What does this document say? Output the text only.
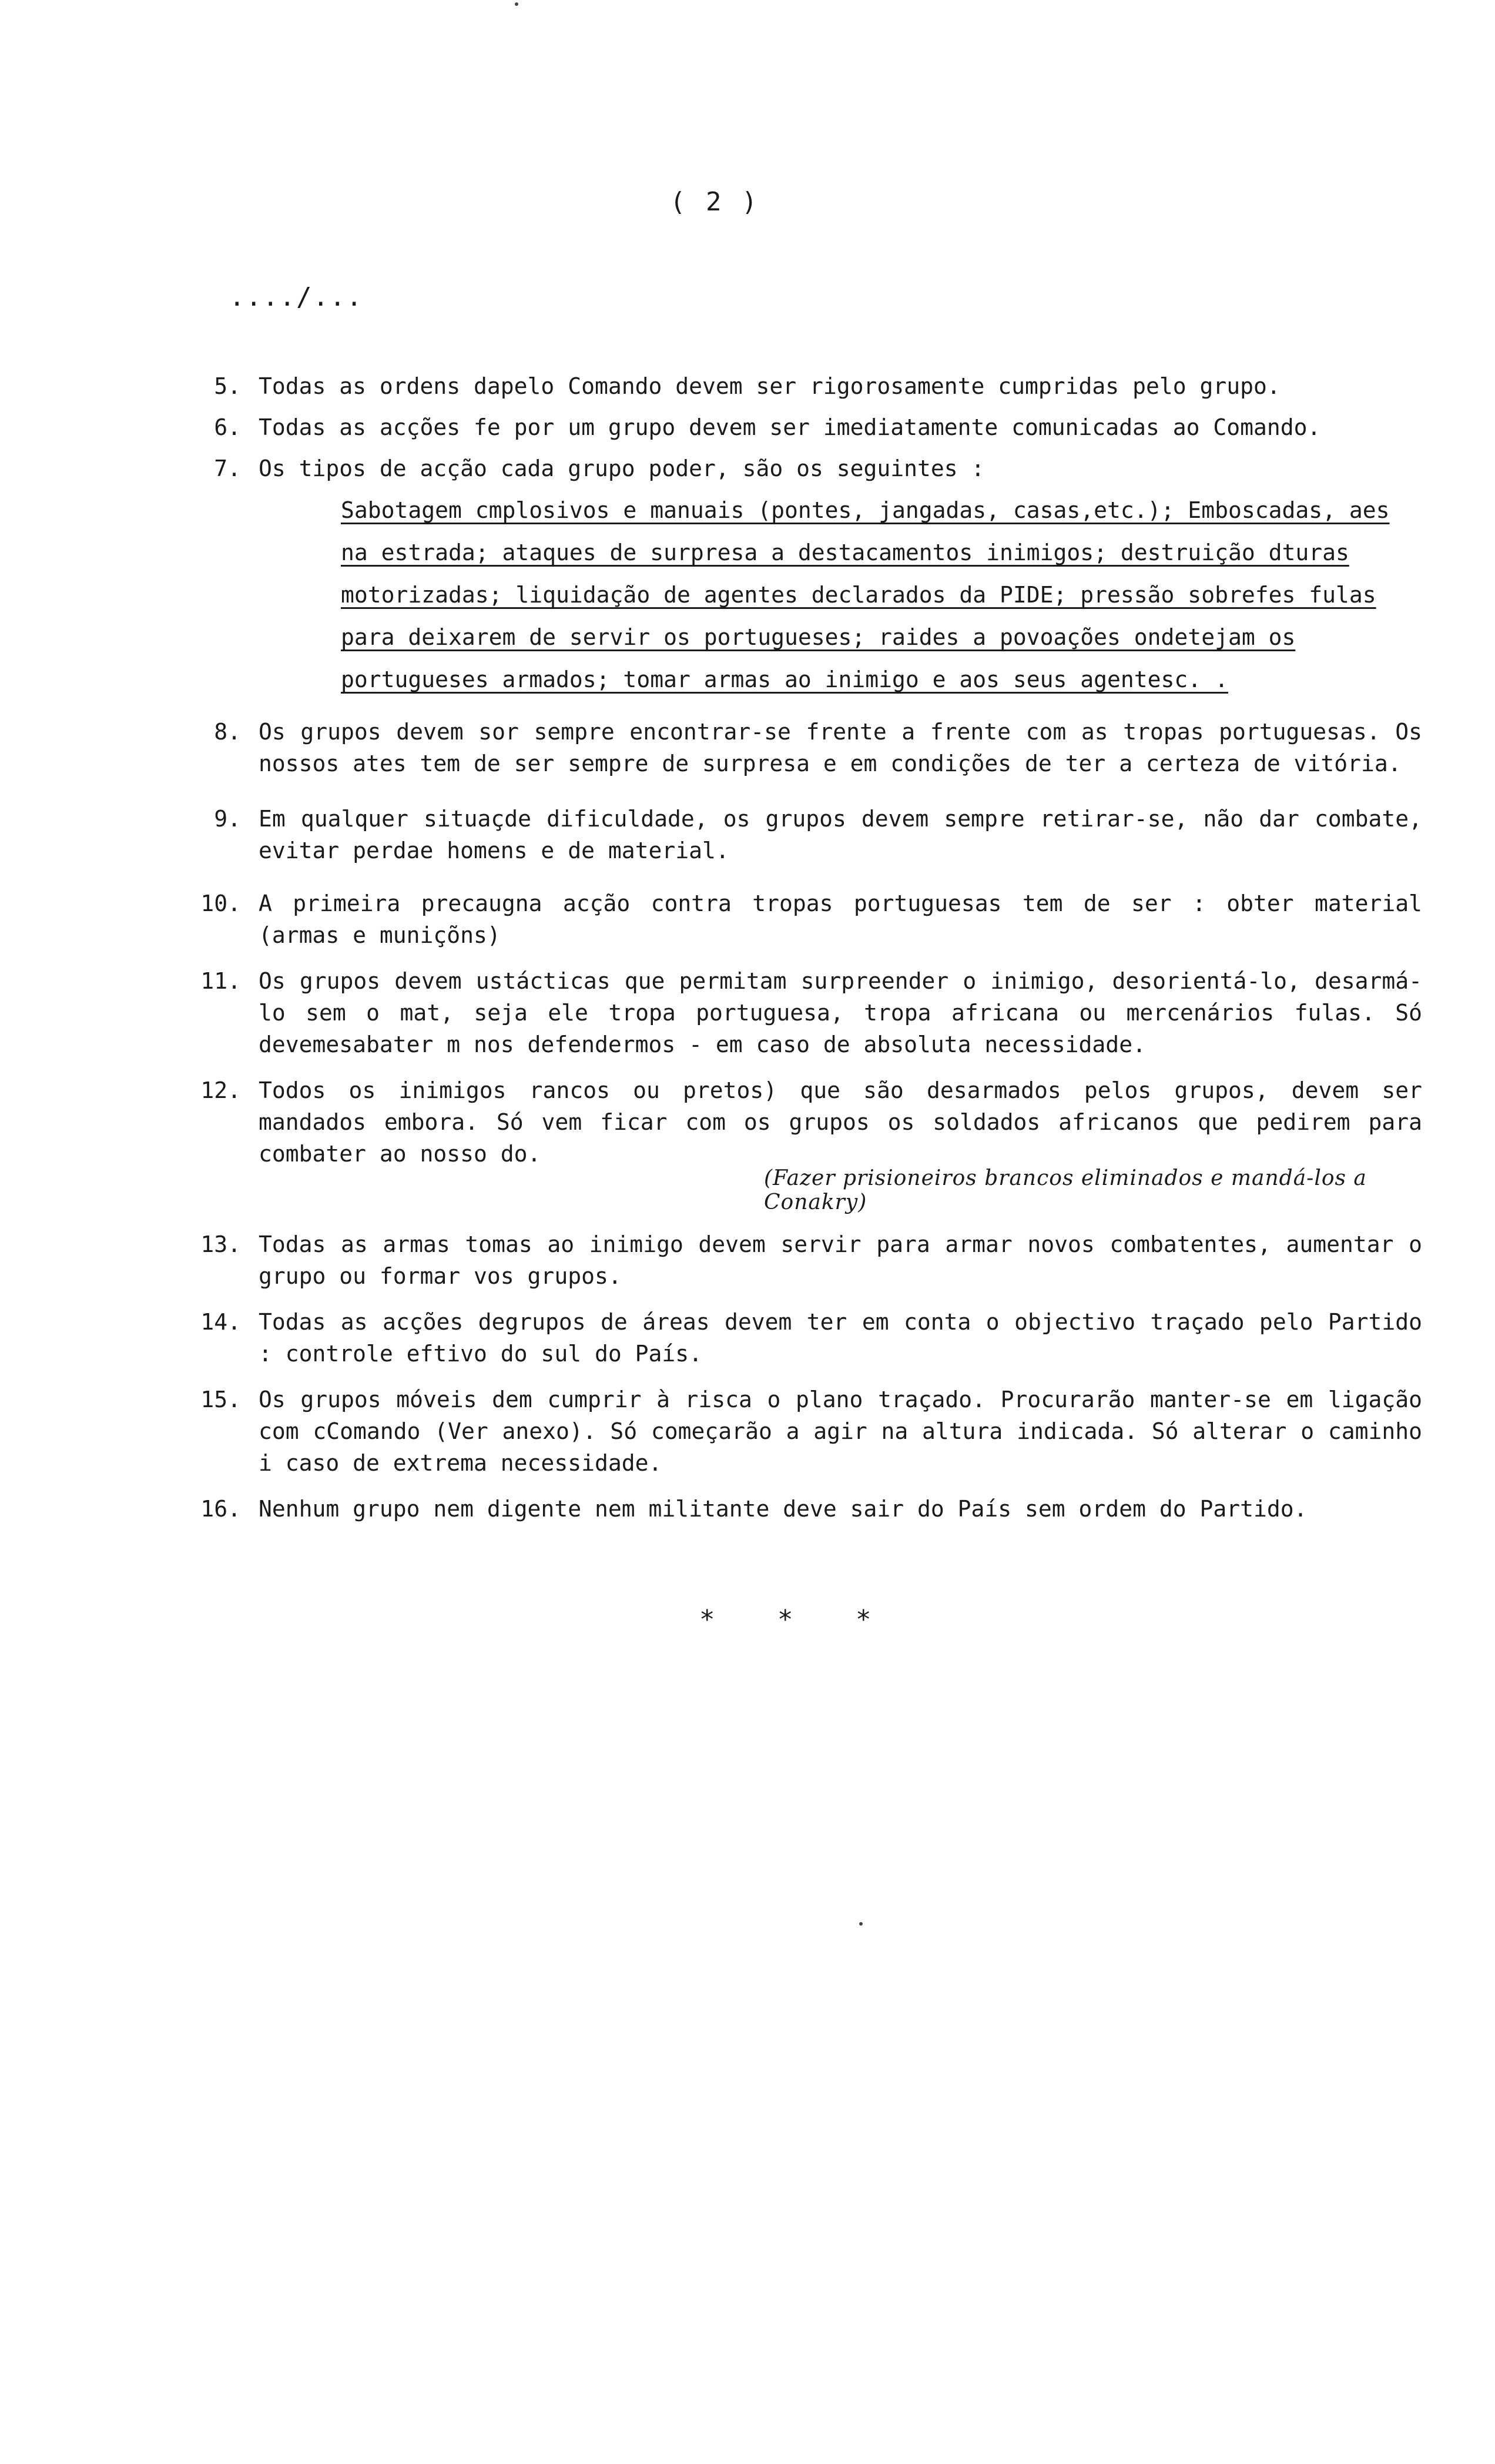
( 2 )
..../...
5. Todas as ordens dapelo Comando devem ser rigorosamente cumpridas pelo grupo.
6. Todas as acções fe por um grupo devem ser imediatamente comunicadas ao Comando.
7. Os tipos de acção cada grupo poder, são os seguintes :
Sabotagem cmplosivos e manuais (pontes, jangadas, casas,etc.); Emboscadas, aes na estrada; ataques de surpresa a destacamentos inimigos; destruição dturas motorizadas; liquidação de agentes declarados da PIDE; pressão sobrefes fulas para deixarem de servir os portugueses; raides a povoações ondetejam os portugueses armados; tomar armas ao inimigo e aos seus agentesc. .
8. Os grupos devem sor sempre encontrar-se frente a frente com as tropas portuguesas. Os nossos ates tem de ser sempre de surpresa e em condições de ter a certeza de vitória.
9. Em qualquer situaçde dificuldade, os grupos devem sempre retirar-se, não dar combate, evitar perdae homens e de material.
10. A primeira precaugna acção contra tropas portuguesas tem de ser : obter material (armas e muniçõns)
11. Os grupos devem ustácticas que permitam surpreender o inimigo, desorientá-lo, desarmá-lo sem o mat, seja ele tropa portuguesa, tropa africana ou mercenários fulas. Só devemesabater m nos defendermos - em caso de absoluta necessidade.
12. Todos os inimigos rancos ou pretos) que são desarmados pelos grupos, devem ser mandados embora. Só vem ficar com os grupos os soldados africanos que pedirem para combater ao nosso do.
(Fazer prisioneiros brancos eliminados e mandá-los a Conakry)
13. Todas as armas tomas ao inimigo devem servir para armar novos combatentes, aumentar o grupo ou formar vos grupos.
14. Todas as acções degrupos de áreas devem ter em conta o objectivo traçado pelo Partido : controle eftivo do sul do País.
15. Os grupos móveis dem cumprir à risca o plano traçado. Procurarão manter-se em ligação com cComando (Ver anexo). Só começarão a agir na altura indicada. Só alterar o caminho i caso de extrema necessidade.
16. Nenhum grupo nem digente nem militante deve sair do País sem ordem do Partido.
* * *
